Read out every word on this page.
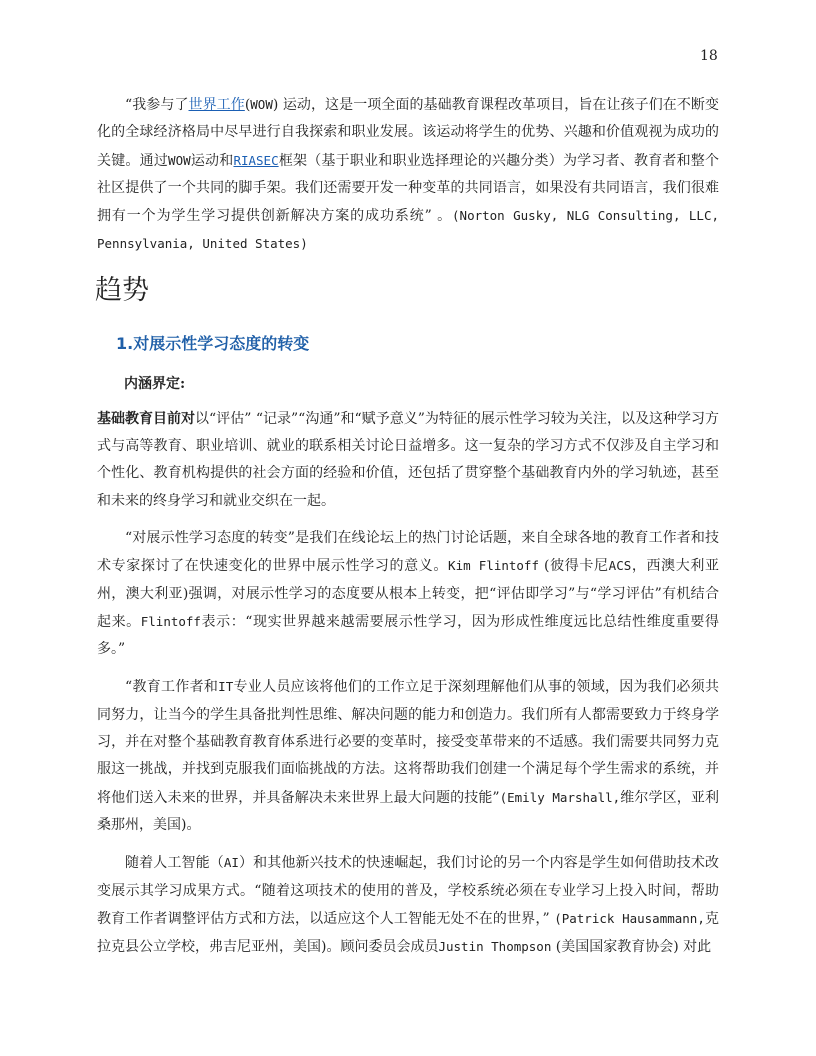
18

“我参与了世界工作(WOW) 运动，这是一项全面的基础教育课程改革项目，旨在让孩子们在不断变化的全球经济格局中尽早进行自我探索和职业发展。该运动将学生的优势、兴趣和价值观视为成功的关键。通过WOW运动和RIASEC框架（基于职业和职业选择理论的兴趣分类）为学习者、教育者和整个社区提供了一个共同的脚手架。我们还需要开发一种变革的共同语言，如果没有共同语言，我们很难拥有一个为学生学习提供创新解决方案的成功系统” 。(Norton Gusky, NLG Consulting, LLC, Pennsylvania, United States)

趋势
1.对展示性学习态度的转变
内涵界定:

基础教育目前对以“评估” “记录”“沟通”和“赋予意义”为特征的展示性学习较为关注，以及这种学习方式与高等教育、职业培训、就业的联系相关讨论日益增多。这一复杂的学习方式不仅涉及自主学习和个性化、教育机构提供的社会方面的经验和价值，还包括了贯穿整个基础教育内外的学习轨迹，甚至和未来的终身学习和就业交织在一起。

“对展示性学习态度的转变”是我们在线论坛上的热门讨论话题，来自全球各地的教育工作者和技术专家探讨了在快速变化的世界中展示性学习的意义。Kim Flintoff (彼得卡尼ACS，西澳大利亚州，澳大利亚)强调，对展示性学习的态度要从根本上转变，把“评估即学习”与“学习评估”有机结合起来。Flintoff表示：“现实世界越来越需要展示性学习，因为形成性维度远比总结性维度重要得多。”

“教育工作者和IT专业人员应该将他们的工作立足于深刻理解他们从事的领域，因为我们必须共同努力，让当今的学生具备批判性思维、解决问题的能力和创造力。我们所有人都需要致力于终身学习，并在对整个基础教育教育体系进行必要的变革时，接受变革带来的不适感。我们需要共同努力克服这一挑战，并找到克服我们面临挑战的方法。这将帮助我们创建一个满足每个学生需求的系统，并将他们送入未来的世界，并具备解决未来世界上最大问题的技能”(Emily Marshall,维尔学区，亚利桑那州，美国)。

随着人工智能（AI）和其他新兴技术的快速崛起，我们讨论的另一个内容是学生如何借助技术改变展示其学习成果方式。“随着这项技术的使用的普及，学校系统必须在专业学习上投入时间，帮助教育工作者调整评估方式和方法，以适应这个人工智能无处不在的世界，” (Patrick Hausammann,克拉克县公立学校，弗吉尼亚州，美国)。顾问委员会成员Justin Thompson (美国国家教育协会) 对此
